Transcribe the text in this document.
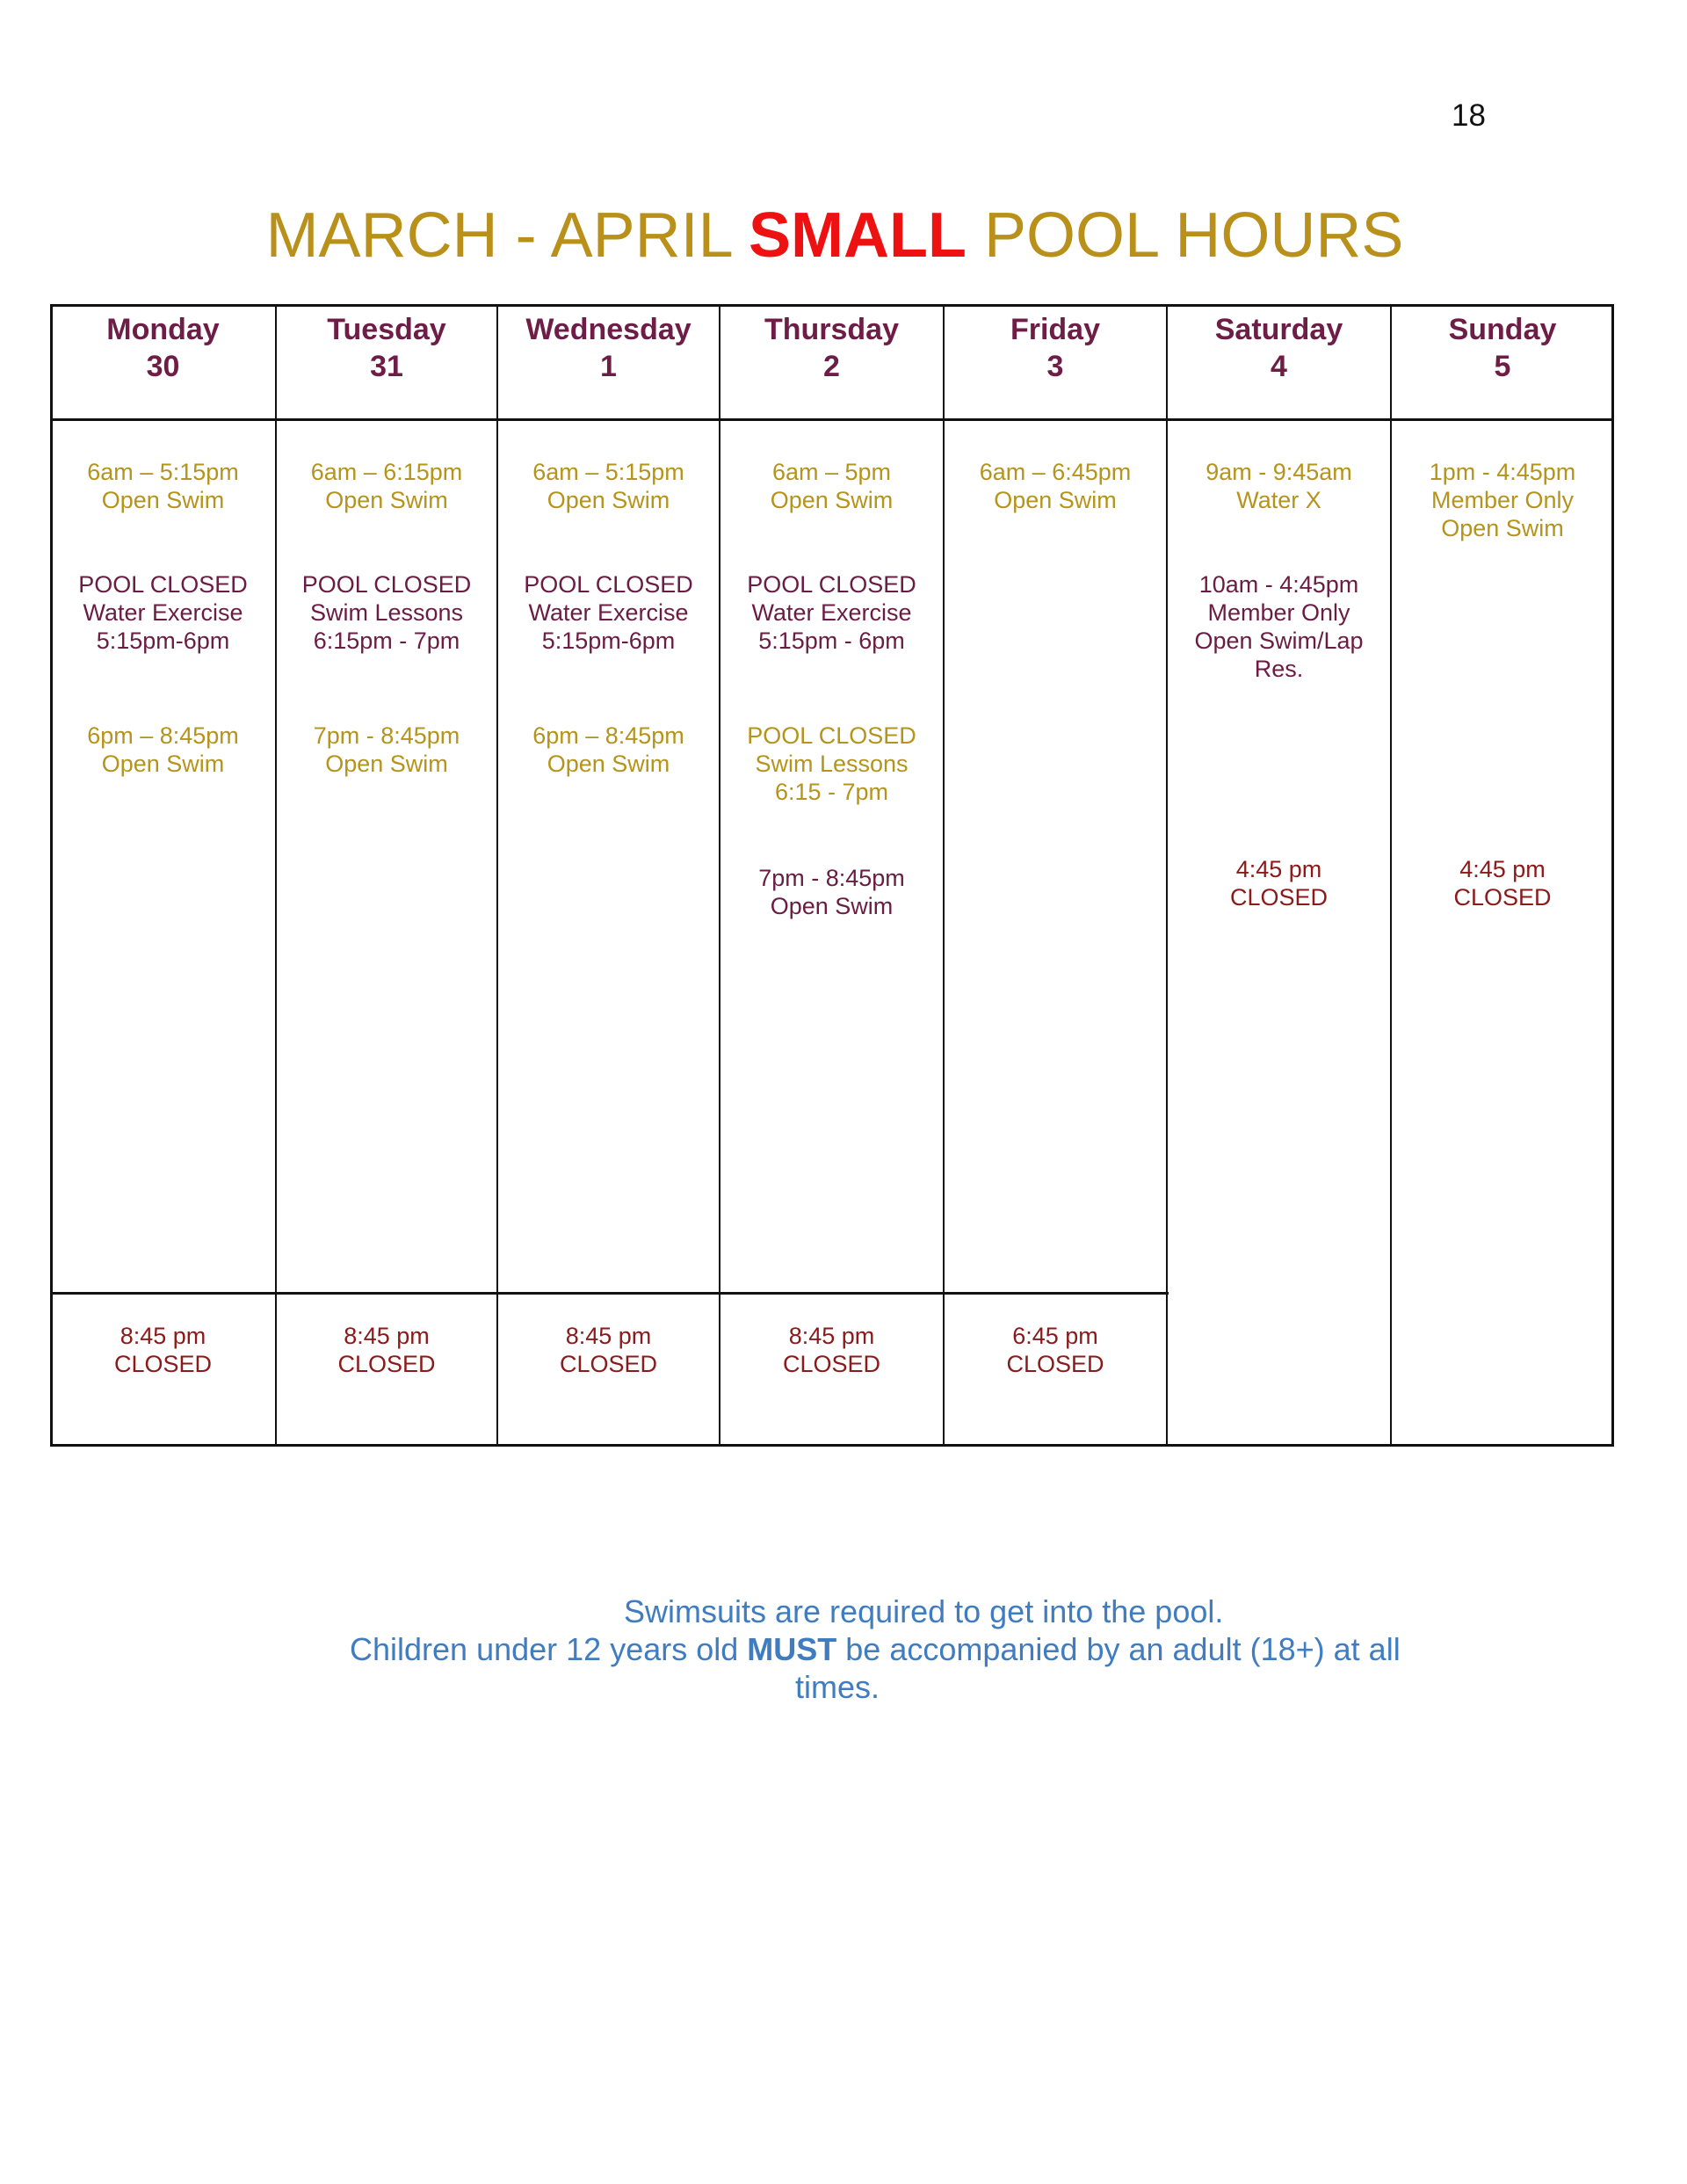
18
MARCH - APRIL SMALL POOL HOURS
Monday
30
Tuesday
31
Wednesday
1
Thursday
2
Friday
3
Saturday
4
Sunday
5
6am – 5:15pm
Open Swim
POOL CLOSED
Water Exercise
5:15pm-6pm
6pm – 8:45pm
Open Swim
6am – 6:15pm
Open Swim
POOL CLOSED
Swim Lessons
6:15pm - 7pm
7pm - 8:45pm
Open Swim
6am – 5:15pm
Open Swim
POOL CLOSED
Water Exercise
5:15pm-6pm
6pm – 8:45pm
Open Swim
6am – 5pm
Open Swim
POOL CLOSED
Water Exercise
5:15pm - 6pm
POOL CLOSED
Swim Lessons
6:15 - 7pm
7pm - 8:45pm
Open Swim
6am – 6:45pm
Open Swim
9am - 9:45am
Water X
10am - 4:45pm
Member Only
Open Swim/Lap
Res.
4:45 pm
CLOSED
1pm - 4:45pm
Member Only
Open Swim
4:45 pm
CLOSED
8:45 pm
CLOSED
8:45 pm
CLOSED
8:45 pm
CLOSED
8:45 pm
CLOSED
6:45 pm
CLOSED
Swimsuits are required to get into the pool.
Children under 12 years old MUST be accompanied by an adult (18+) at all
times.
